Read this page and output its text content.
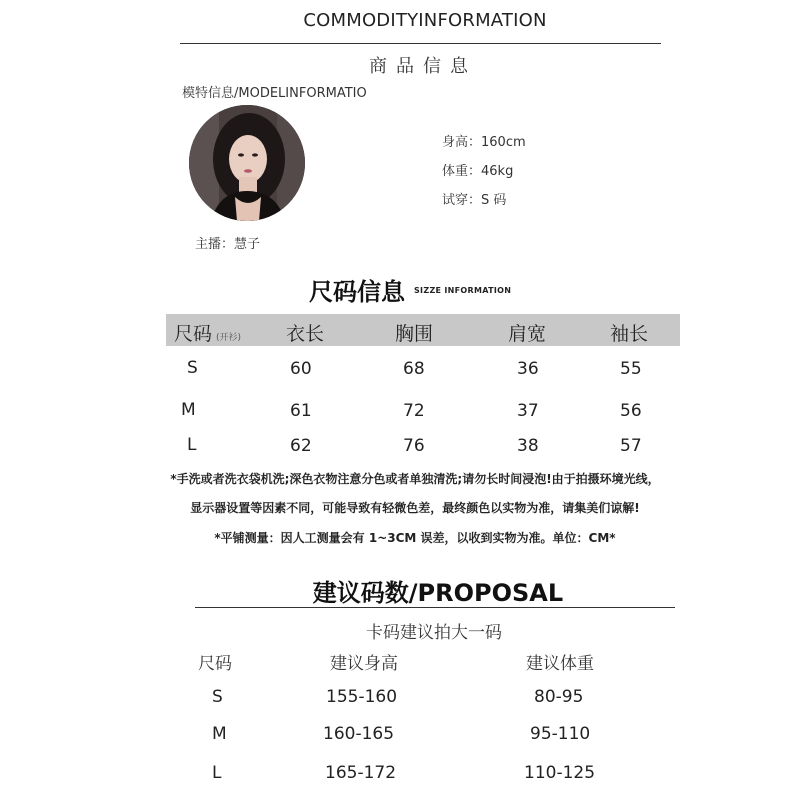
COMMODITYINFORMATION
商品信息
模特信息/MODELINFORMATIO
主播：慧子
身高：160cm
体重：46kg
试穿：S 码
尺码信息 SIZZE INFORMATION
尺码 (开衫) 衣长	胸围	肩宽	袖长
S	60	68	36	55
M	61	72	37	56
L	62	76	38	57
*手洗或者洗衣袋机洗;深色衣物注意分色或者单独清洗;请勿长时间浸泡!由于拍摄环境光线，
显示器设置等因素不同，可能导致有轻微色差，最终颜色以实物为准，请集美们谅解!
*平铺测量：因人工测量会有 1~3CM 误差，以收到实物为准。单位：CM*
建议码数/PROPOSAL
卡码建议拍大一码
尺码	建议身高	建议体重
S	155-160	80-95
M	160-165	95-110
L	165-172	110-125
